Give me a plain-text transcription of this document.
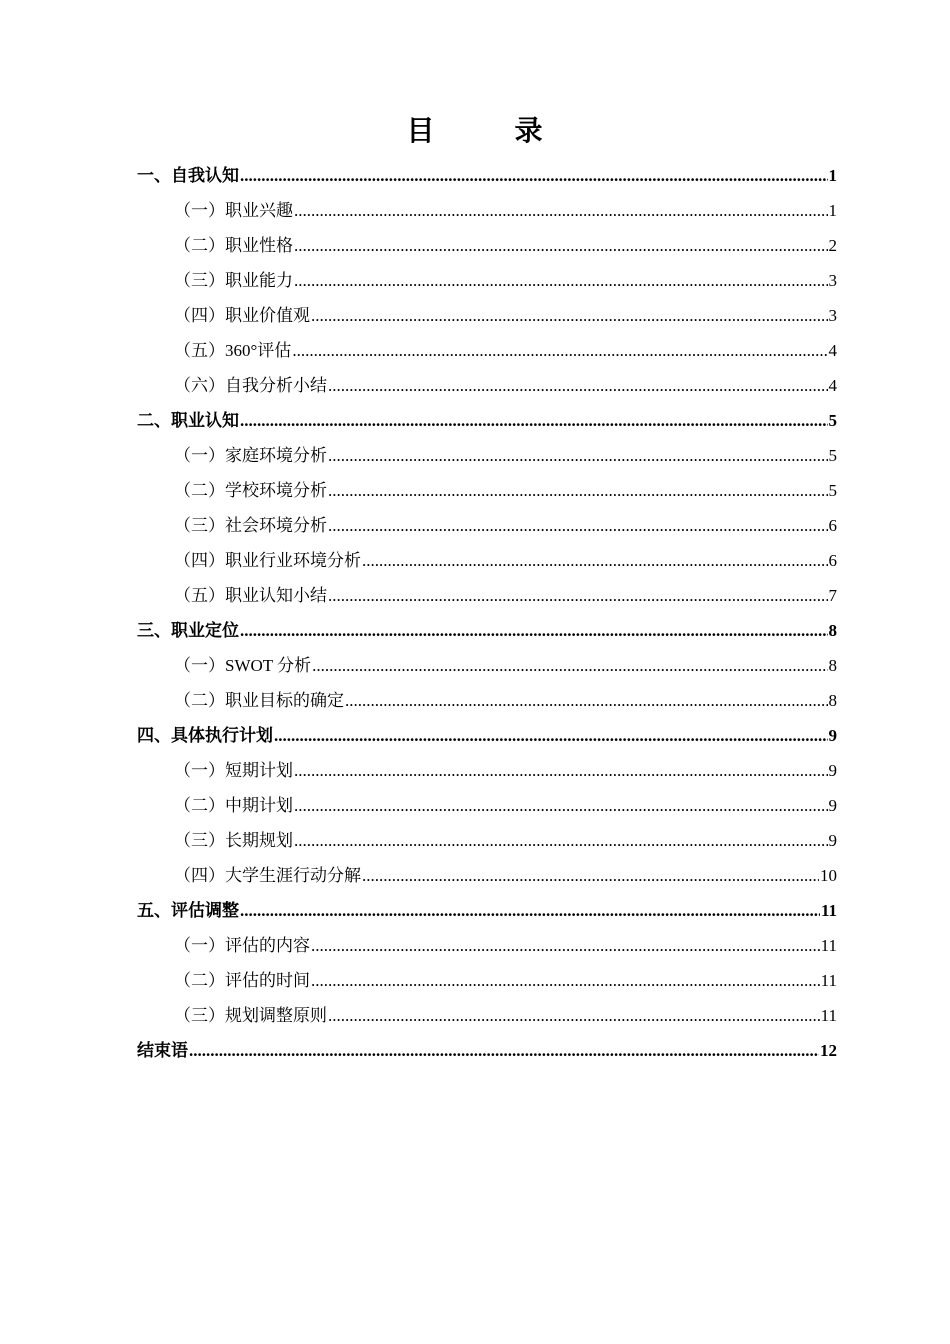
目　录
一、自我认知 .....	1
（一）职业兴趣 .....	1
（二）职业性格 .....	2
（三）职业能力 .....	3
（四）职业价值观 .....	3
（五）360°评估 .....	4
（六）自我分析小结 .....	4
二、职业认知 .....	5
（一）家庭环境分析 .....	5
（二）学校环境分析 .....	5
（三）社会环境分析 .....	6
（四）职业行业环境分析 .....	6
（五）职业认知小结 .....	7
三、职业定位 .....	8
（一）SWOT 分析 .....	8
（二）职业目标的确定 .....	8
四、具体执行计划 .....	9
（一）短期计划 .....	9
（二）中期计划 .....	9
（三）长期规划 .....	9
（四）大学生涯行动分解 .....	10
五、评估调整 .....	11
（一）评估的内容 .....	11
（二）评估的时间 .....	11
（三）规划调整原则 .....	11
结束语 .....	12
